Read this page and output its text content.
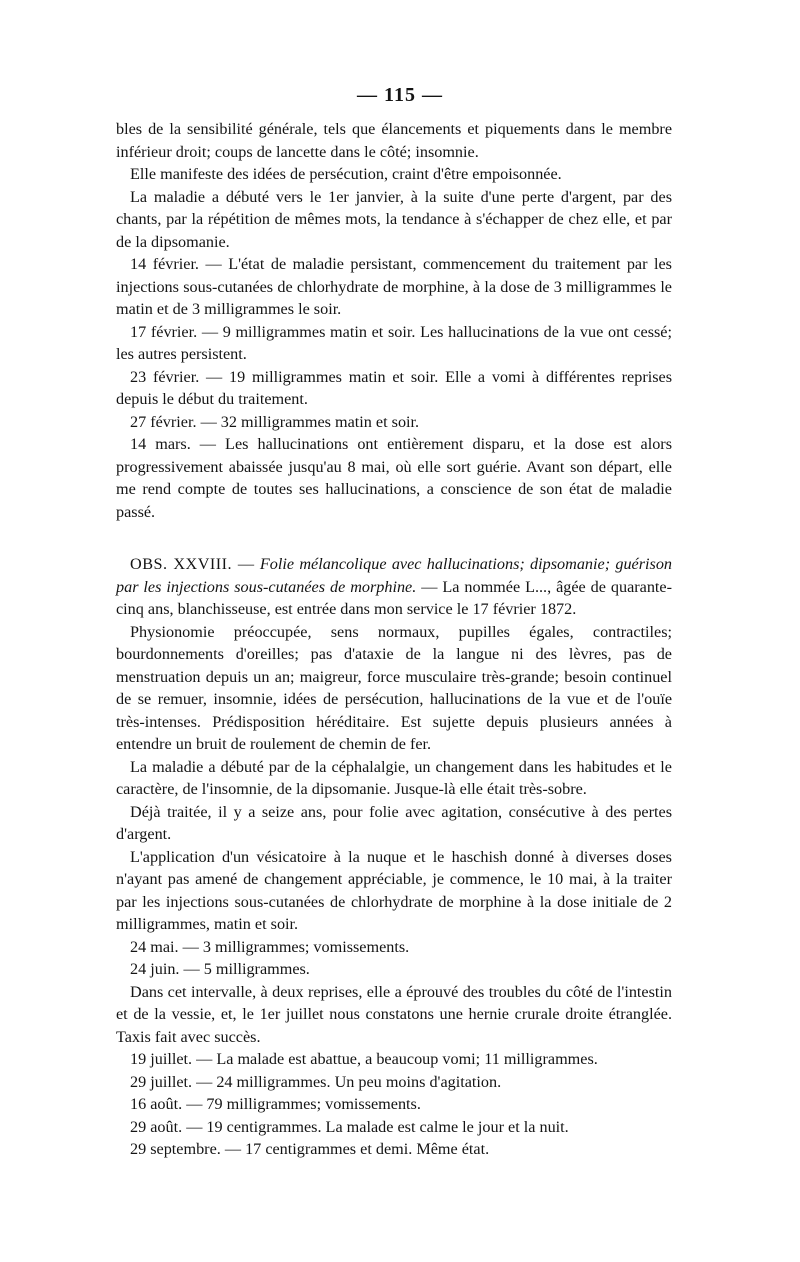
— 115 —

bles de la sensibilité générale, tels que élancements et piquements dans le membre inférieur droit; coups de lancette dans le côté; insomnie.

Elle manifeste des idées de persécution, craint d'être empoisonnée.

La maladie a débuté vers le 1er janvier, à la suite d'une perte d'argent, par des chants, par la répétition de mêmes mots, la tendance à s'échapper de chez elle, et par de la dipsomanie.

14 février. — L'état de maladie persistant, commencement du traitement par les injections sous-cutanées de chlorhydrate de morphine, à la dose de 3 milligrammes le matin et de 3 milligrammes le soir.

17 février. — 9 milligrammes matin et soir. Les hallucinations de la vue ont cessé; les autres persistent.

23 février. — 19 milligrammes matin et soir. Elle a vomi à différentes reprises depuis le début du traitement.

27 février. — 32 milligrammes matin et soir.

14 mars. — Les hallucinations ont entièrement disparu, et la dose est alors progressivement abaissée jusqu'au 8 mai, où elle sort guérie. Avant son départ, elle me rend compte de toutes ses hallucinations, a conscience de son état de maladie passé.

OBS. XXVIII. — Folie mélancolique avec hallucinations; dipsomanie; guérison par les injections sous-cutanées de morphine. — La nommée L..., âgée de quarante-cinq ans, blanchisseuse, est entrée dans mon service le 17 février 1872.

Physionomie préoccupée, sens normaux, pupilles égales, contractiles; bourdonnements d'oreilles; pas d'ataxie de la langue ni des lèvres, pas de menstruation depuis un an; maigreur, force musculaire très-grande; besoin continuel de se remuer, insomnie, idées de persécution, hallucinations de la vue et de l'ouïe très-intenses. Prédisposition héréditaire. Est sujette depuis plusieurs années à entendre un bruit de roulement de chemin de fer.

La maladie a débuté par de la céphalalgie, un changement dans les habitudes et le caractère, de l'insomnie, de la dipsomanie. Jusque-là elle était très-sobre.

Déjà traitée, il y a seize ans, pour folie avec agitation, consécutive à des pertes d'argent.

L'application d'un vésicatoire à la nuque et le haschish donné à diverses doses n'ayant pas amené de changement appréciable, je commence, le 10 mai, à la traiter par les injections sous-cutanées de chlorhydrate de morphine à la dose initiale de 2 milligrammes, matin et soir.

24 mai. — 3 milligrammes; vomissements.

24 juin. — 5 milligrammes.

Dans cet intervalle, à deux reprises, elle a éprouvé des troubles du côté de l'intestin et de la vessie, et, le 1er juillet nous constatons une hernie crurale droite étranglée. Taxis fait avec succès.

19 juillet. — La malade est abattue, a beaucoup vomi; 11 milligrammes.

29 juillet. — 24 milligrammes. Un peu moins d'agitation.

16 août. — 79 milligrammes; vomissements.

29 août. — 19 centigrammes. La malade est calme le jour et la nuit.

29 septembre. — 17 centigrammes et demi. Même état.
